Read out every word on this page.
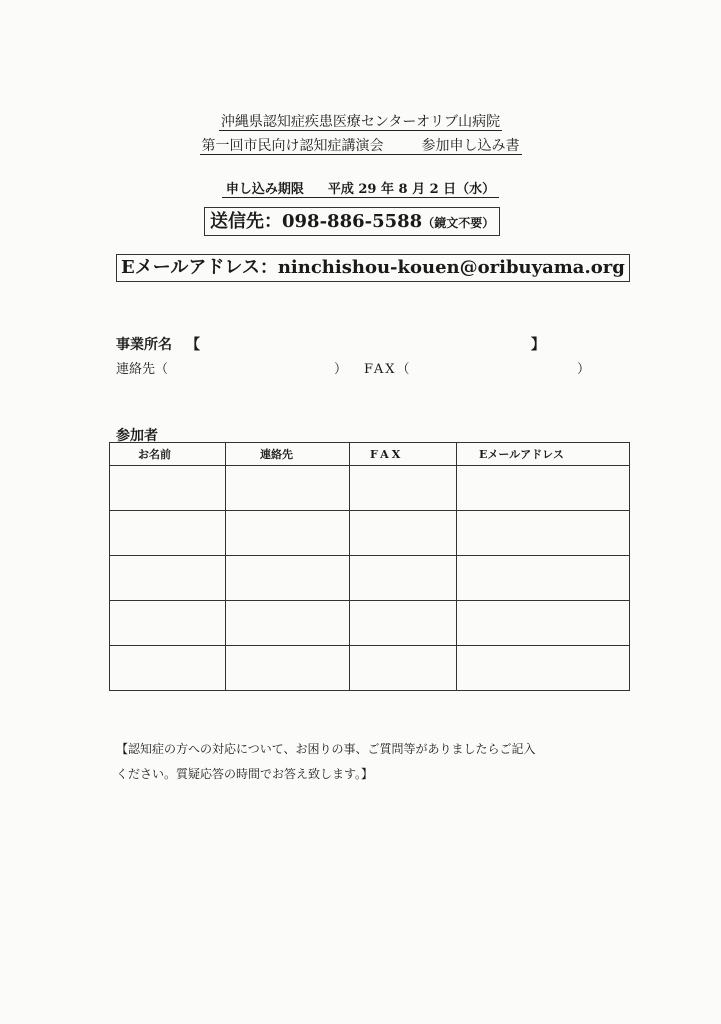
沖縄県認知症疾患医療センターオリブ山病院
第一回市民向け認知症講演会	参加申し込み書
申し込み期限 平成 29 年 8 月 2 日（水）
送信先：098-886-5588（鏡文不要）
Eメールアドレス：ninchishou-kouen@oribuyama.org
事業所名 【	】
連絡先（	） FAX（	）
参加者
お名前	連絡先	FAX	Eメールアドレス

【認知症の方への対応について、お困りの事、ご質問等がありましたらご記入
ください。質疑応答の時間でお答え致します。】
